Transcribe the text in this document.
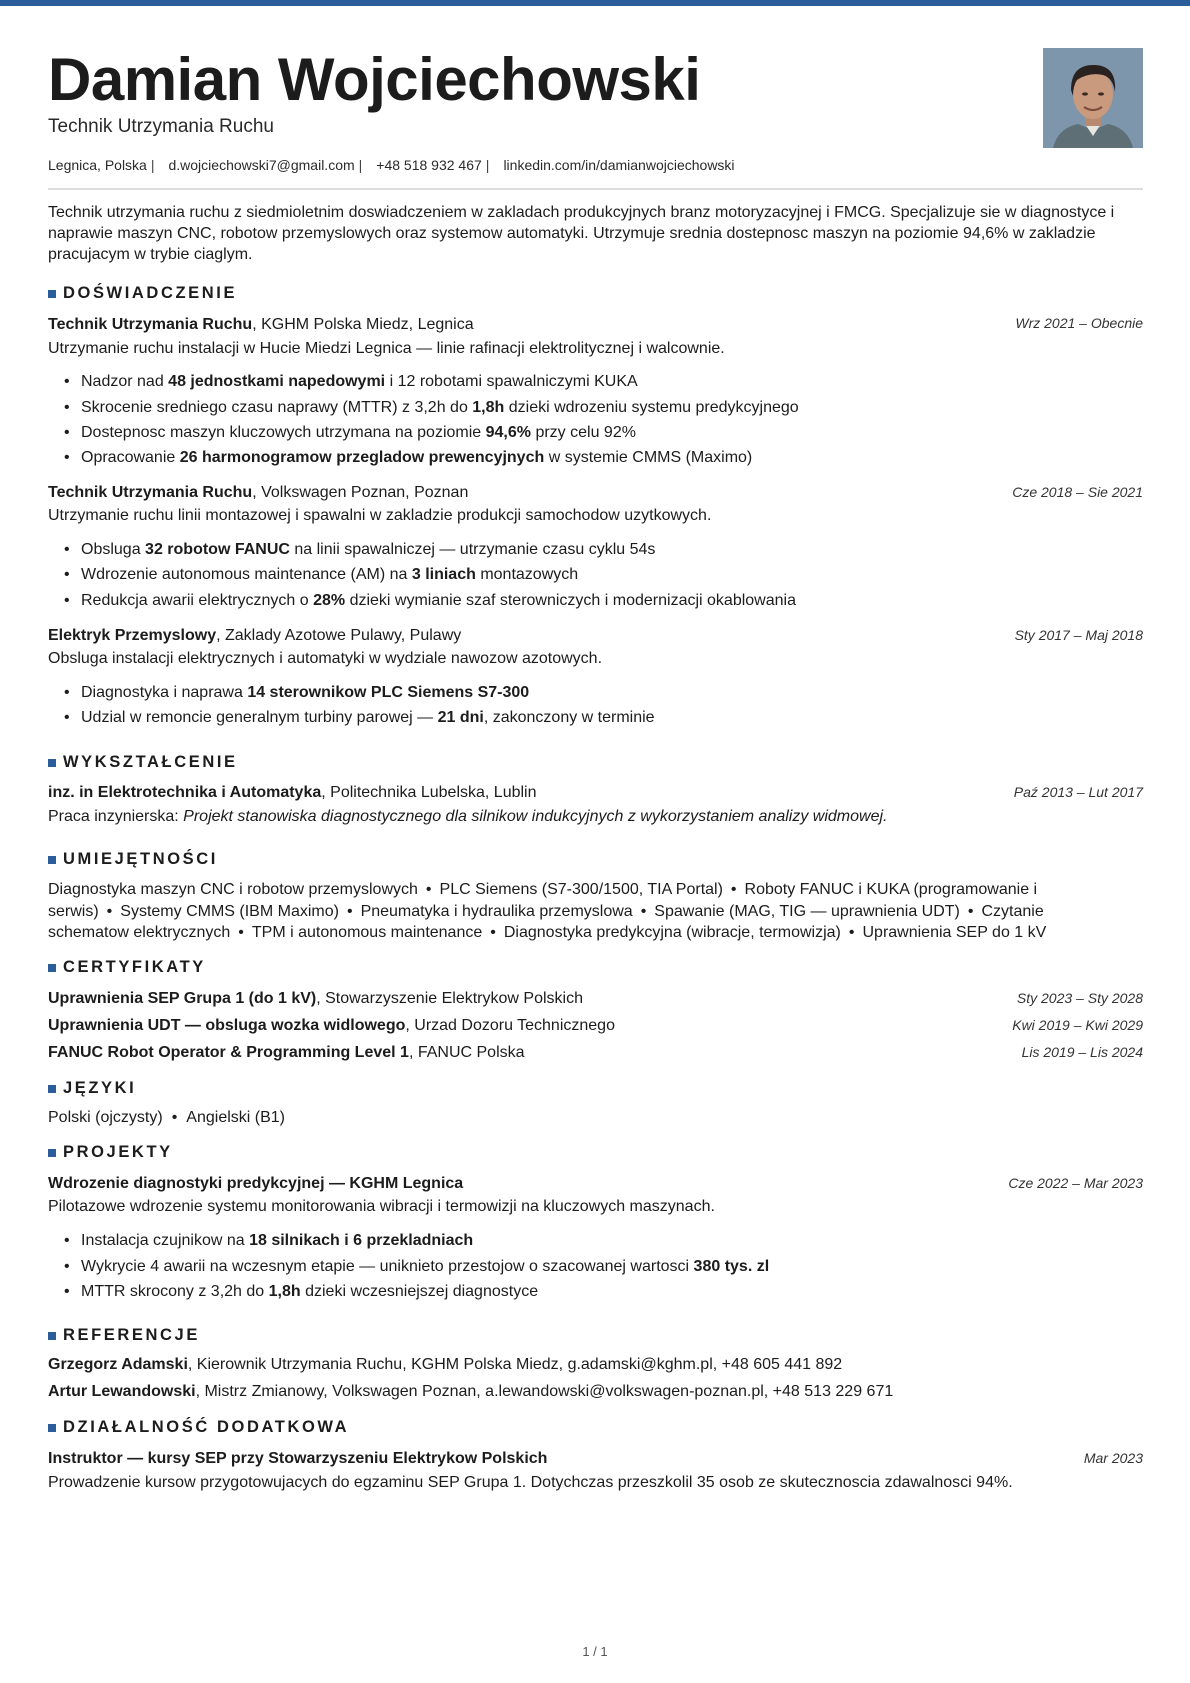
Damian Wojciechowski
Technik Utrzymania Ruchu
Legnica, Polska | d.wojciechowski7@gmail.com | +48 518 932 467 | linkedin.com/in/damianwojciechowski
Technik utrzymania ruchu z siedmioletnim doswiadczeniem w zakladach produkcyjnych branz motoryzacyjnej i FMCG. Specjalizuje sie w diagnostyce i naprawie maszyn CNC, robotow przemyslowych oraz systemow automatyki. Utrzymuje srednia dostepnosc maszyn na poziomie 94,6% w zakladzie pracujacym w trybie ciaglym.
DOŚWIADCZENIE
Technik Utrzymania Ruchu, KGHM Polska Miedz, Legnica	Wrz 2021 – Obecnie
Utrzymanie ruchu instalacji w Hucie Miedzi Legnica — linie rafinacji elektrolitycznej i walcownie.
• Nadzor nad 48 jednostkami napedowymi i 12 robotami spawalniczymi KUKA
• Skrocenie sredniego czasu naprawy (MTTR) z 3,2h do 1,8h dzieki wdrozeniu systemu predykcyjnego
• Dostepnosc maszyn kluczowych utrzymana na poziomie 94,6% przy celu 92%
• Opracowanie 26 harmonogramow przegladow prewencyjnych w systemie CMMS (Maximo)
Technik Utrzymania Ruchu, Volkswagen Poznan, Poznan	Cze 2018 – Sie 2021
Utrzymanie ruchu linii montazowej i spawalni w zakladzie produkcji samochodow uzytkowych.
• Obsluga 32 robotow FANUC na linii spawalniczej — utrzymanie czasu cyklu 54s
• Wdrozenie autonomous maintenance (AM) na 3 liniach montazowych
• Redukcja awarii elektrycznych o 28% dzieki wymianie szaf sterowniczych i modernizacji okablowania
Elektryk Przemyslowy, Zaklady Azotowe Pulawy, Pulawy	Sty 2017 – Maj 2018
Obsluga instalacji elektrycznych i automatyki w wydziale nawozow azotowych.
• Diagnostyka i naprawa 14 sterownikow PLC Siemens S7-300
• Udzial w remoncie generalnym turbiny parowej — 21 dni, zakonczony w terminie
WYKSZTAŁCENIE
inz. in Elektrotechnika i Automatyka, Politechnika Lubelska, Lublin	Paź 2013 – Lut 2017
Praca inzynierska: Projekt stanowiska diagnostycznego dla silnikow indukcyjnych z wykorzystaniem analizy widmowej.
UMIEJĘTNOŚCI
Diagnostyka maszyn CNC i robotow przemyslowych • PLC Siemens (S7-300/1500, TIA Portal) • Roboty FANUC i KUKA (programowanie i
serwis) • Systemy CMMS (IBM Maximo) • Pneumatyka i hydraulika przemyslowa • Spawanie (MAG, TIG — uprawnienia UDT) • Czytanie
schematow elektrycznych • TPM i autonomous maintenance • Diagnostyka predykcyjna (wibracje, termowizja) • Uprawnienia SEP do 1 kV
CERTYFIKATY
Uprawnienia SEP Grupa 1 (do 1 kV), Stowarzyszenie Elektrykow Polskich	Sty 2023 – Sty 2028
Uprawnienia UDT — obsluga wozka widlowego, Urzad Dozoru Technicznego	Kwi 2019 – Kwi 2029
FANUC Robot Operator & Programming Level 1, FANUC Polska	Lis 2019 – Lis 2024
JĘZYKI
Polski (ojczysty) • Angielski (B1)
PROJEKTY
Wdrozenie diagnostyki predykcyjnej — KGHM Legnica	Cze 2022 – Mar 2023
Pilotazowe wdrozenie systemu monitorowania wibracji i termowizji na kluczowych maszynach.
• Instalacja czujnikow na 18 silnikach i 6 przekladniach
• Wykrycie 4 awarii na wczesnym etapie — uniknieto przestojow o szacowanej wartosci 380 tys. zl
• MTTR skrocony z 3,2h do 1,8h dzieki wczesniejszej diagnostyce
REFERENCJE
Grzegorz Adamski, Kierownik Utrzymania Ruchu, KGHM Polska Miedz, g.adamski@kghm.pl, +48 605 441 892
Artur Lewandowski, Mistrz Zmianowy, Volkswagen Poznan, a.lewandowski@volkswagen-poznan.pl, +48 513 229 671
DZIAŁALNOŚĆ DODATKOWA
Instruktor — kursy SEP przy Stowarzyszeniu Elektrykow Polskich	Mar 2023
Prowadzenie kursow przygotowujacych do egzaminu SEP Grupa 1. Dotychczas przeszkolil 35 osob ze skutecznoscia zdawalnosci 94%.
1 / 1
